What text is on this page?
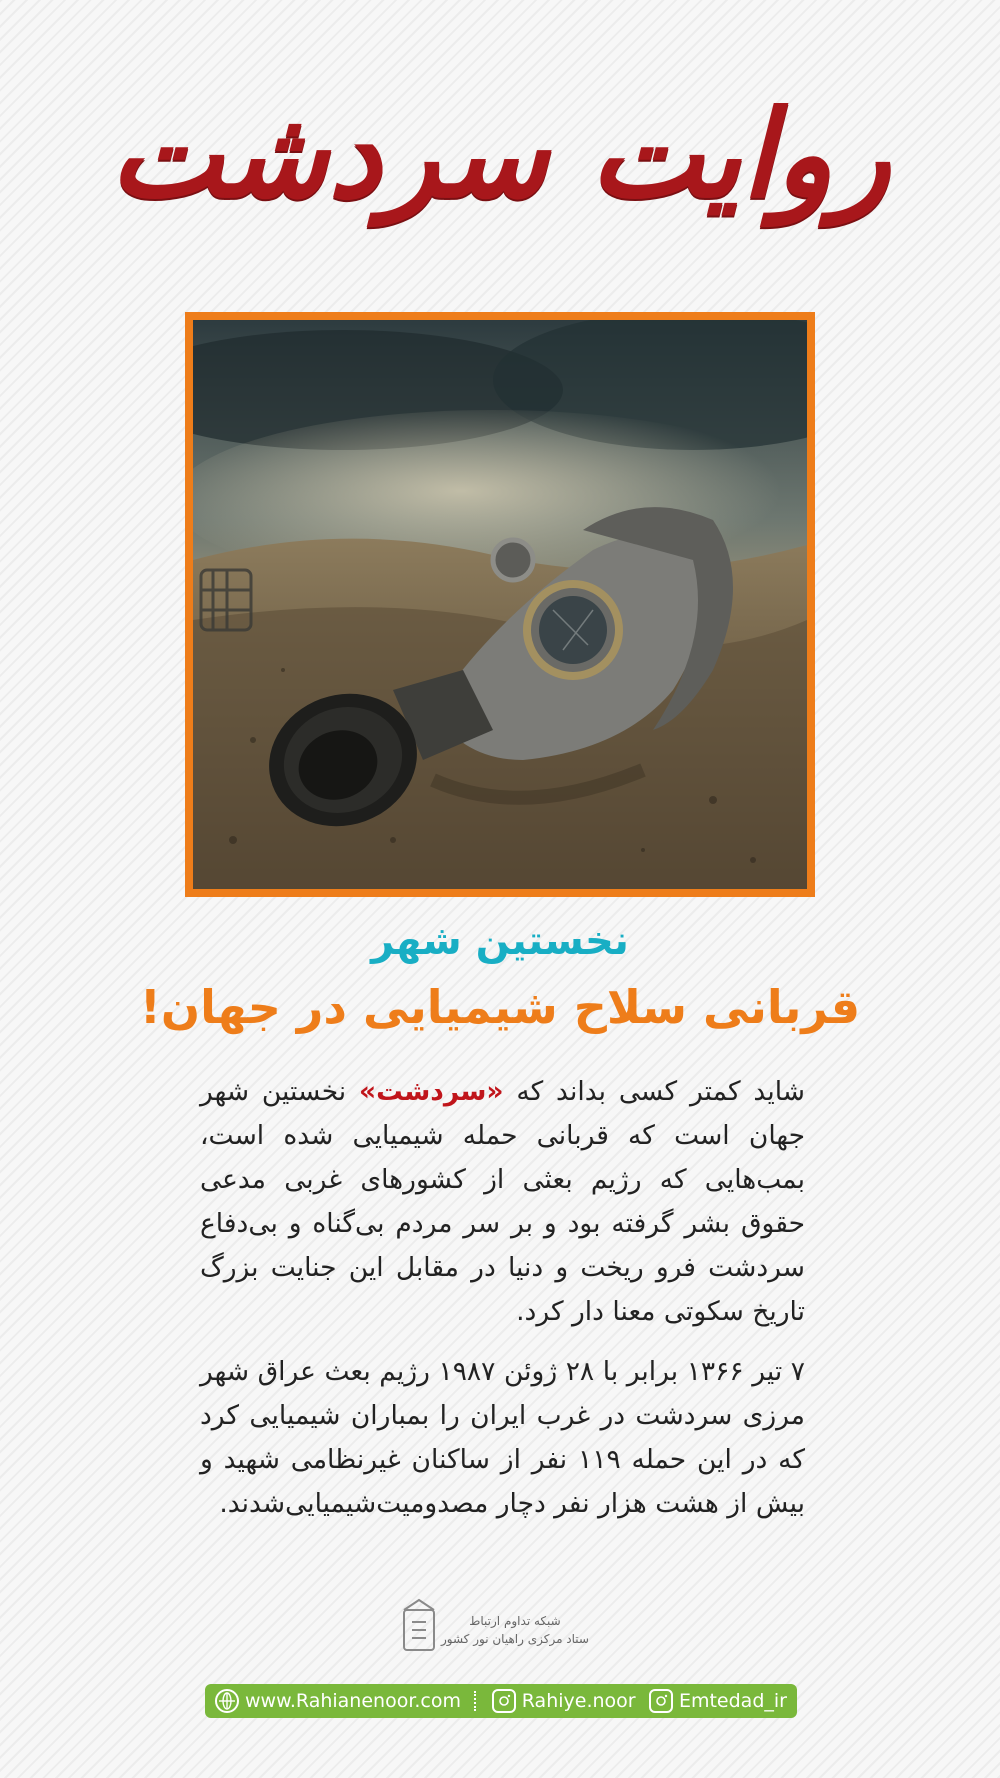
روایت سردشت
نخستین شهر
قربانی سلاح شیمیایی در جهان!
شاید کمتر کسی بداند که «سردشت» نخستین شهر جهان است که قربانی حمله شیمیایی شده است، بمب‌هایی که رژیم بعثی از کشورهای غربی مدعی حقوق بشر گرفته بود و بر سر مردم بی‌گناه و بی‌دفاع سردشت فرو ریخت و دنیا در مقابل این جنایت بزرگ تاریخ سکوتی معنا دار کرد.
۷ تیر ۱۳۶۶ برابر با ۲۸ ژوئن ۱۹۸۷ رژیم بعث عراق شهر مرزی سردشت در غرب ایران را بمباران شیمیایی کرد که در این حمله ۱۱۹ نفر از ساکنان غیرنظامی شهید و بیش از هشت هزار نفر دچار مصدومیت‌شیمیایی‌شدند.
شبکه تداوم ارتباط
ستاد مرکزی راهیان نور کشور
www.Rahianenoor.com	Rahiye.noor Emtedad_ir
